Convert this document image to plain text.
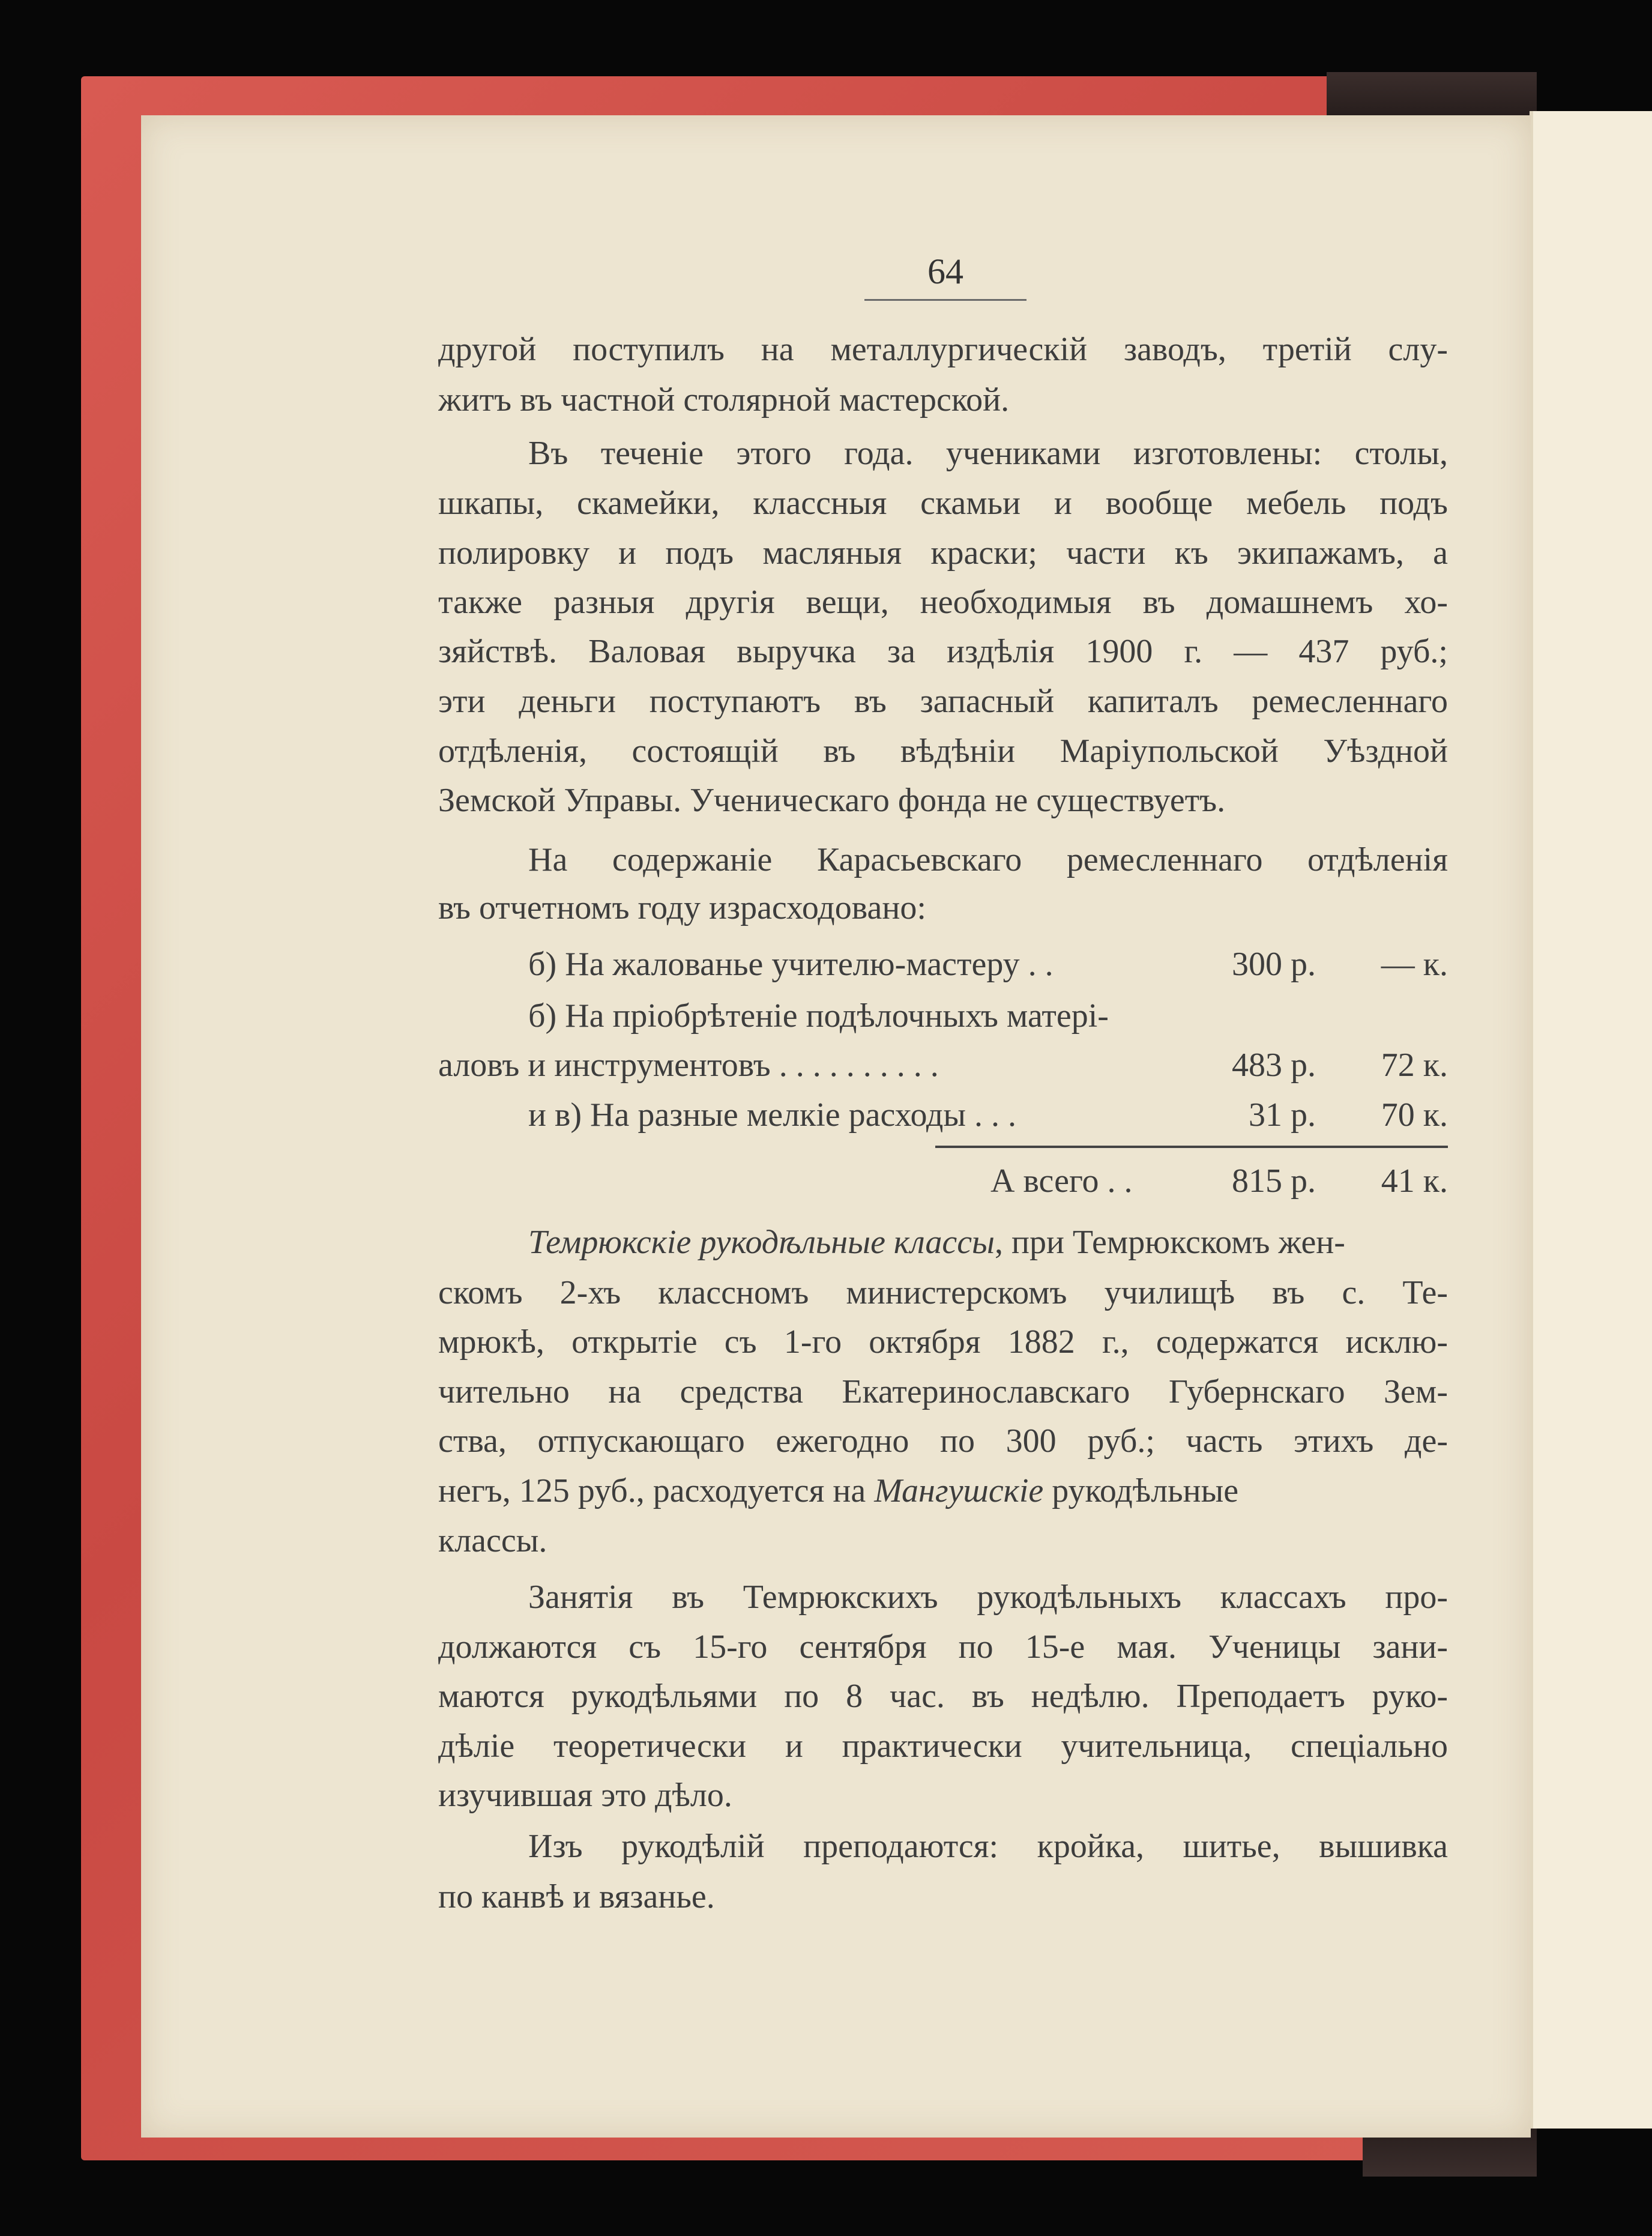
64
другой поступилъ на металлургическій заводъ, третій слу-
житъ въ частной столярной мастерской.
Въ теченіе этого года. учениками изготовлены: столы,
шкапы, скамейки, классныя скамьи и вообще мебель подъ
полировку и подъ масляныя краски; части къ экипажамъ, а
также разныя другія вещи, необходимыя въ домашнемъ хо-
зяйствѣ. Валовая выручка за издѣлія 1900 г. — 437 руб.;
эти деньги поступаютъ въ запасный капиталъ ремесленнаго
отдѣленія, состоящій въ вѣдѣніи Маріупольской Уѣздной
Земской Управы. Ученическаго фонда не существуетъ.
На содержаніе Карасьевскаго ремесленнаго отдѣленія
въ отчетномъ году израсходовано:
б) На жалованье учителю-мастеру . .	300 р. — к.
б) На пріобрѣтеніе подѣлочныхъ матері-
аловъ и инструментовъ . . . . . . . . . .	483 р. 72 к.
и в) На разные мелкіе расходы . . .	31 р. 70 к.
А всего . .	815 р. 41 к.
Темрюкскіе рукодѣльные классы, при Темрюкскомъ жен-
скомъ 2-хъ классномъ министерскомъ училищѣ въ с. Те-
мрюкѣ, открытіе съ 1-го октября 1882 г., содержатся исклю-
чительно на средства Екатеринославскаго Губернскаго Зем-
ства, отпускающаго ежегодно по 300 руб.; часть этихъ де-
негъ, 125 руб., расходуется на Мангушскіе рукодѣльные
классы.
Занятія въ Темрюкскихъ рукодѣльныхъ классахъ про-
должаются съ 15-го сентября по 15-е мая. Ученицы зани-
маются рукодѣльями по 8 час. въ недѣлю. Преподаетъ руко-
дѣліе теоретически и практически учительница, спеціально
изучившая это дѣло.
Изъ рукодѣлій преподаются: кройка, шитье, вышивка
по канвѣ и вязанье.
